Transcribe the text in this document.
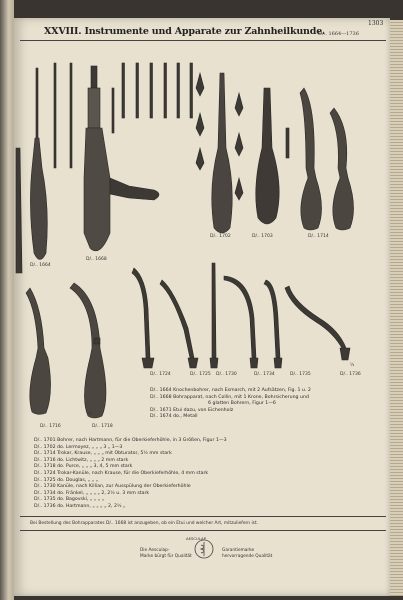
XXVIII. Instrumente und Apparate zur Zahnheilkunde.
1303
D/.. 1664—1736
D/.. 1664
D/.. 1668
D/.. 1702	D/.. 1703	D/.. 1714
D/.. 1716	D/.. 1718
D/.. 1724	D/.. 1725 D/.. 1730	D/.. 1734	D/.. 1735	D/.. 1736
½
½
D/.. 1664 Knochenbohrer, nach Esmarch, mit 2 Aufsätzen, Fig. 1 u. 2
D/.. 1668 Bohrapparat, nach Collin, mit 1 Krone, Bohrsicherung und
6 glatten Bohrern, Figur 1—6
D/.. 1671 Etui dazu, von Eichenholz
D/.. 1674 do., Metall
D/.. 1701 Bohrer, nach Hartmann, für die Oberkieferhöhle, in 3 Größen, Figur 1—3
D/.. 1702 do. Lermoyez, „ „ „ 3 „ 1—3
D/.. 1714 Trokar, Krause, „ „ „ mit Obturator, 5½ mm stark
D/.. 1716 do. Lichtwitz, „ „ „ 2 mm stark
D/.. 1718 do. Purce, „ „ „ 3, 4, 5 mm stark
D/.. 1724 Trokar-Kanüle, nach Krause, für die Oberkieferhöhle, 4 mm stark
D/.. 1725 do. Douglas, „ „ „
D/.. 1730 Kanüle, nach Killian, zur Ausspülung der Oberkieferhöhle
D/.. 1734 do. Fränkel, „ „ „ „ 2, 2½ u. 3 mm stark
D/.. 1735 do. Bagovski, „ „ „ „
D/.. 1736 do. Hartmann, „ „ „ „ 2, 2½ „
Bei Bestellung des Bohrapparates D/.. 1668 ist anzugeben, ob ein Etui und welcher Art, mitzuliefern ist.
AESCULAP
Die Aesculap-
Marke bürgt für Qualität
Garantiemarke
hervorragende Qualität
